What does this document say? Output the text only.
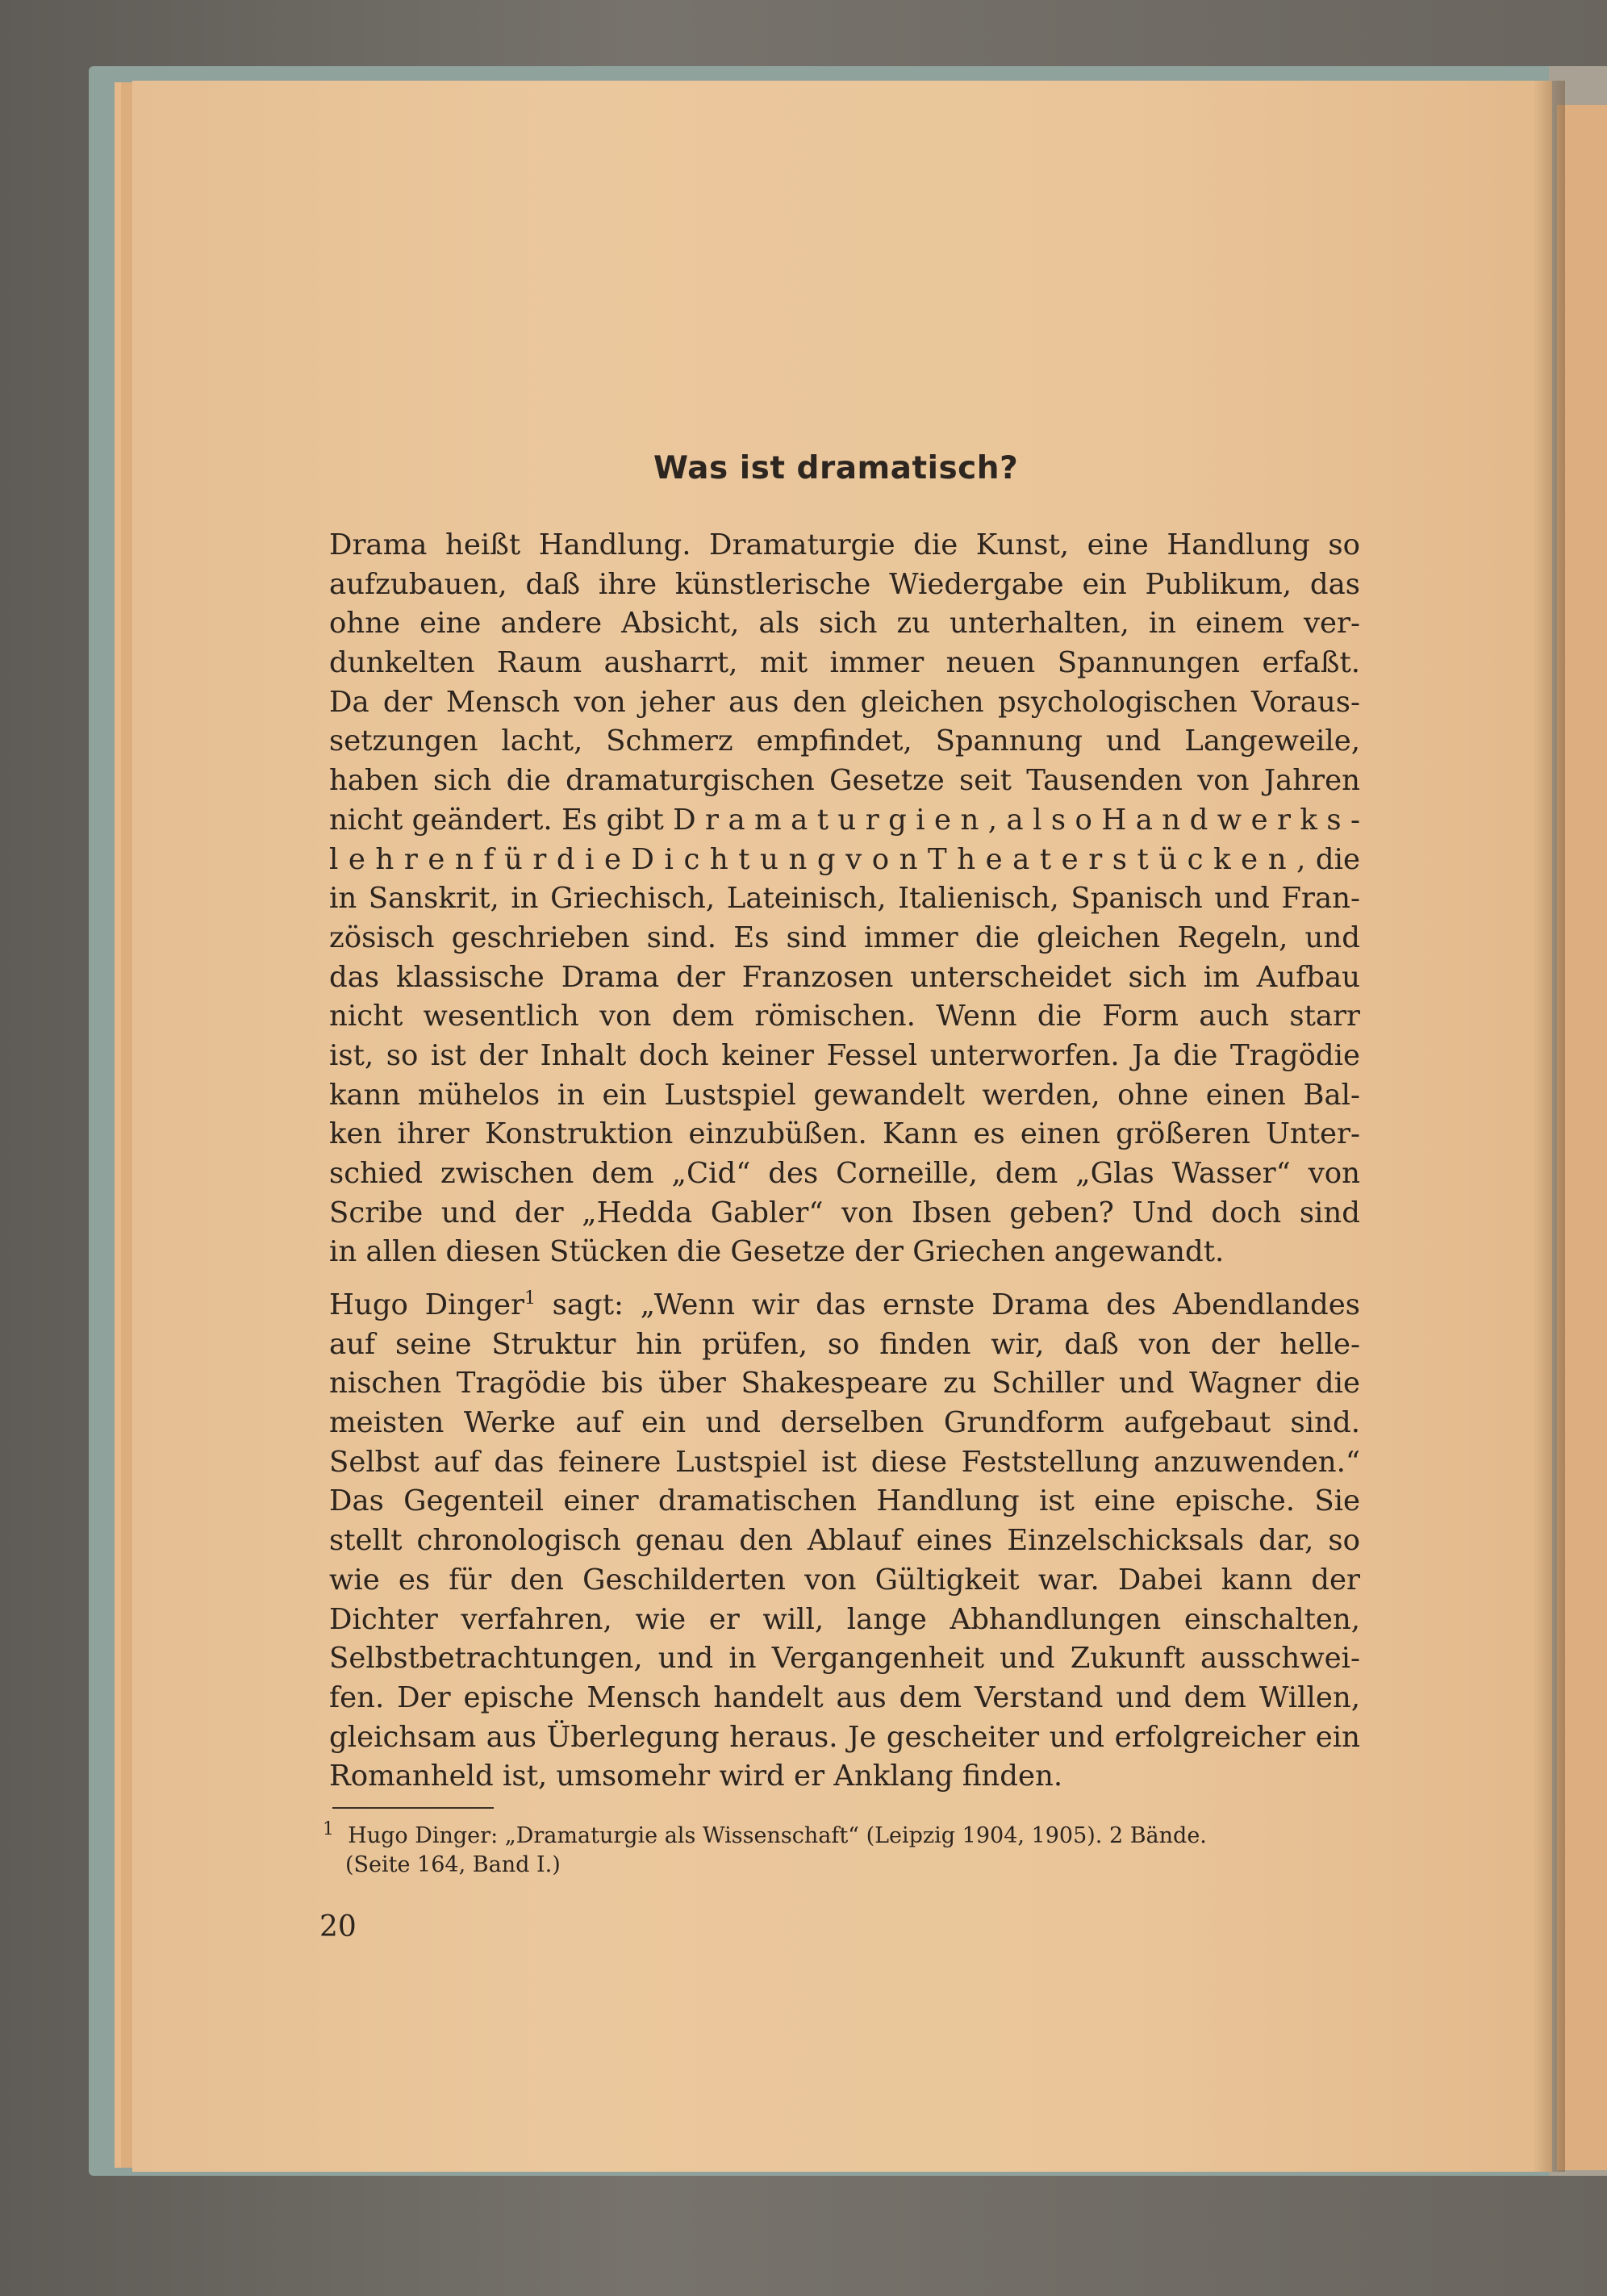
Was ist dramatisch?
Drama heißt Handlung. Dramaturgie die Kunst, eine Handlung so
aufzubauen, daß ihre künstlerische Wiedergabe ein Publikum, das
ohne eine andere Absicht, als sich zu unterhalten, in einem ver-
dunkelten Raum ausharrt, mit immer neuen Spannungen erfaßt.
Da der Mensch von jeher aus den gleichen psychologischen Voraus-
setzungen lacht, Schmerz empfindet, Spannung und Langeweile,
haben sich die dramaturgischen Gesetze seit Tausenden von Jahren
nicht geändert. Es gibt D r a m a t u r g i e n , a l s o H a n d w e r k s -
l e h r e n f ü r d i e D i c h t u n g v o n T h e a t e r s t ü c k e n , die
in Sanskrit, in Griechisch, Lateinisch, Italienisch, Spanisch und Fran-
zösisch geschrieben sind. Es sind immer die gleichen Regeln, und
das klassische Drama der Franzosen unterscheidet sich im Aufbau
nicht wesentlich von dem römischen. Wenn die Form auch starr
ist, so ist der Inhalt doch keiner Fessel unterworfen. Ja die Tragödie
kann mühelos in ein Lustspiel gewandelt werden, ohne einen Bal-
ken ihrer Konstruktion einzubüßen. Kann es einen größeren Unter-
schied zwischen dem „Cid“ des Corneille, dem „Glas Wasser“ von
Scribe und der „Hedda Gabler“ von Ibsen geben? Und doch sind
in allen diesen Stücken die Gesetze der Griechen angewandt.
Hugo Dinger$^1$ sagt: „Wenn wir das ernste Drama des Abendlandes
auf seine Struktur hin prüfen, so finden wir, daß von der helle-
nischen Tragödie bis über Shakespeare zu Schiller und Wagner die
meisten Werke auf ein und derselben Grundform aufgebaut sind.
Selbst auf das feinere Lustspiel ist diese Feststellung anzuwenden.“
Das Gegenteil einer dramatischen Handlung ist eine epische. Sie
stellt chronologisch genau den Ablauf eines Einzelschicksals dar, so
wie es für den Geschilderten von Gültigkeit war. Dabei kann der
Dichter verfahren, wie er will, lange Abhandlungen einschalten,
Selbstbetrachtungen, und in Vergangenheit und Zukunft ausschwei-
fen. Der epische Mensch handelt aus dem Verstand und dem Willen,
gleichsam aus Überlegung heraus. Je gescheiter und erfolgreicher ein
Romanheld ist, umsomehr wird er Anklang finden.
$^1$ Hugo Dinger: „Dramaturgie als Wissenschaft“ (Leipzig 1904, 1905). 2 Bände.
(Seite 164, Band I.)
20
